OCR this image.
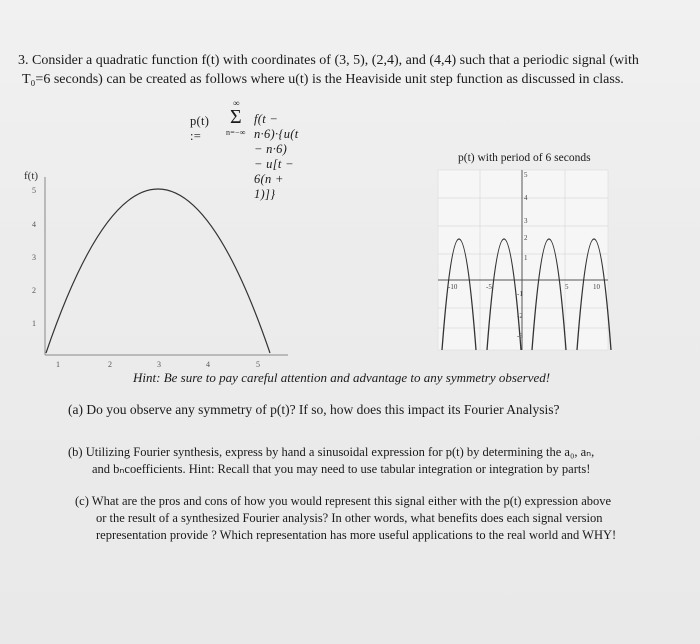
3. Consider a quadratic function f(t) with coordinates of (3, 5), (2,4), and (4,4) such that a periodic signal (with
T₀=6 seconds) can be created as follows where u(t) is the Heaviside unit step function as discussed in class.
p(t) :=
∞
Σ
n=−∞
f(t − n·6)·{u(t − n·6) − u[t − 6(n + 1)]}
f(t)
5
4
3
2
1
1	2	3	4	5
p(t) with period of 6 seconds
5
4
3
2
1
-1
-2
-3
-10	-5	5	10
Hint: Be sure to pay careful attention and advantage to any symmetry observed!
(a) Do you observe any symmetry of p(t)? If so, how does this impact its Fourier Analysis?
(b) Utilizing Fourier synthesis, express by hand a sinusoidal expression for p(t) by determining the a₀, aₙ,
and bₙcoefficients. Hint: Recall that you may need to use tabular integration or integration by parts!
(c) What are the pros and cons of how you would represent this signal either with the p(t) expression above
or the result of a synthesized Fourier analysis? In other words, what benefits does each signal version
representation provide ? Which representation has more useful applications to the real world and WHY!
